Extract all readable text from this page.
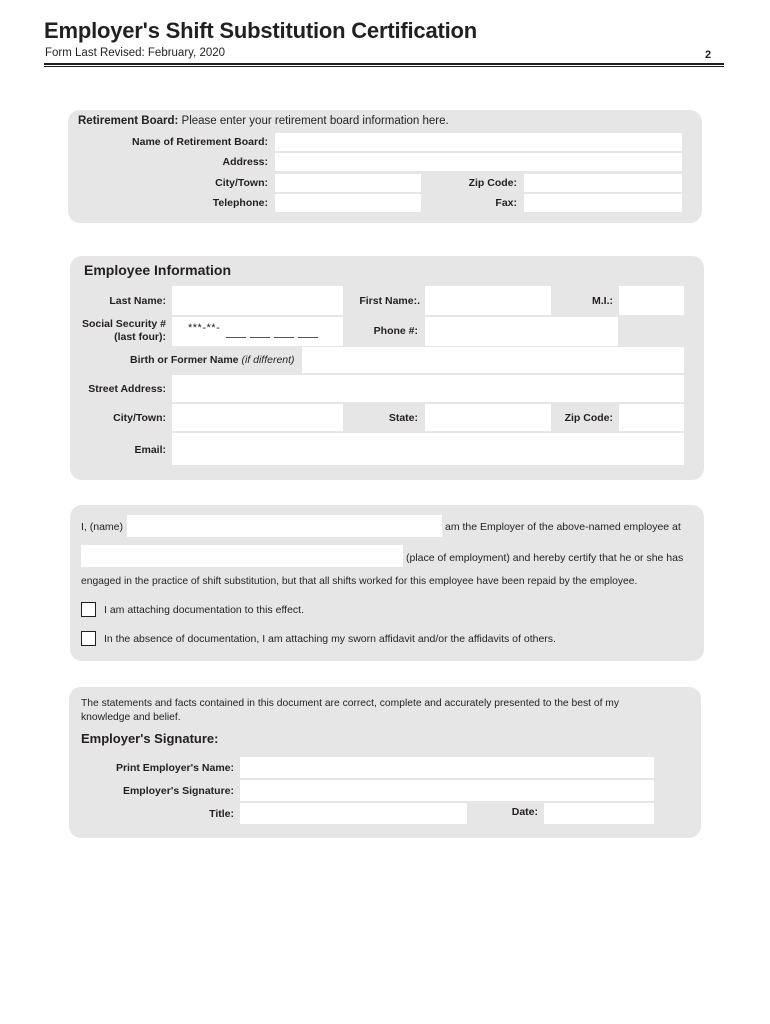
Employer's Shift Substitution Certification
Form Last Revised: February, 2020	2
Retirement Board: Please enter your retirement board information here.
Name of Retirement Board:
Address:
City/Town:	Zip Code:
Telephone:	Fax:
Employee Information
Last Name:	First Name:.	M.I.:
Social Security #
(last four):
***-**-	Phone #:
Birth or Former Name (if different)
Street Address:
City/Town:	State:	Zip Code:
Email:
I, (name)	am the Employer of the above-named employee at
(place of employment) and hereby certify that he or she has
engaged in the practice of shift substitution, but that all shifts worked for this employee have been repaid by the employee.
I am attaching documentation to this effect.
In the absence of documentation, I am attaching my sworn affidavit and/or the affidavits of others.
The statements and facts contained in this document are correct, complete and accurately presented to the best of my
knowledge and belief.
Employer's Signature:
Print Employer's Name:
Employer's Signature:
Title:	Date:
